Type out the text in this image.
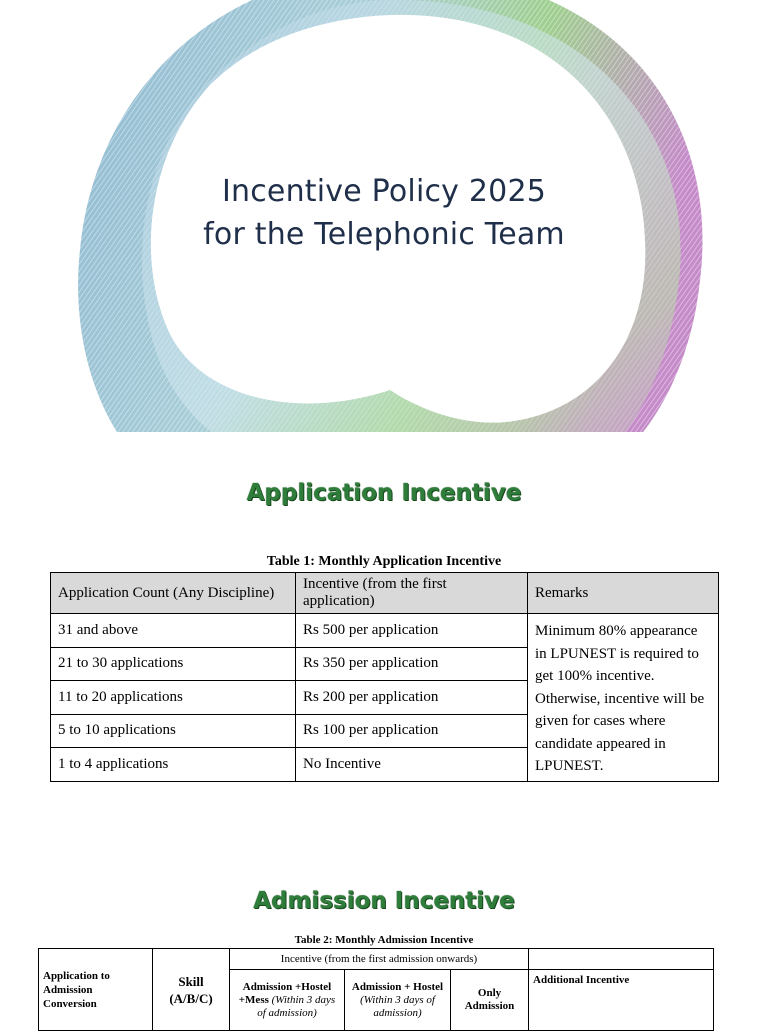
Incentive Policy 2025
for the Telephonic Team
Application Incentive
Table 1: Monthly Application Incentive
Application Count (Any Discipline)	Incentive (from the first application)	Remarks
31 and above	Rs 500 per application	Minimum 80% appearance in LPUNEST is required to get 100% incentive. Otherwise, incentive will be given for cases where candidate appeared in LPUNEST.
21 to 30 applications	Rs 350 per application	
11 to 20 applications	Rs 200 per application	
5 to 10 applications	Rs 100 per application	
1 to 4 applications	No Incentive	
Admission Incentive
Table 2: Monthly Admission Incentive
Application to Admission Conversion	Skill (A/B/C)	Incentive (from the first admission onwards)			
		Admission +Hostel +Mess (Within 3 days of admission)	Admission + Hostel (Within 3 days of admission)	Only Admission	Additional Incentive
